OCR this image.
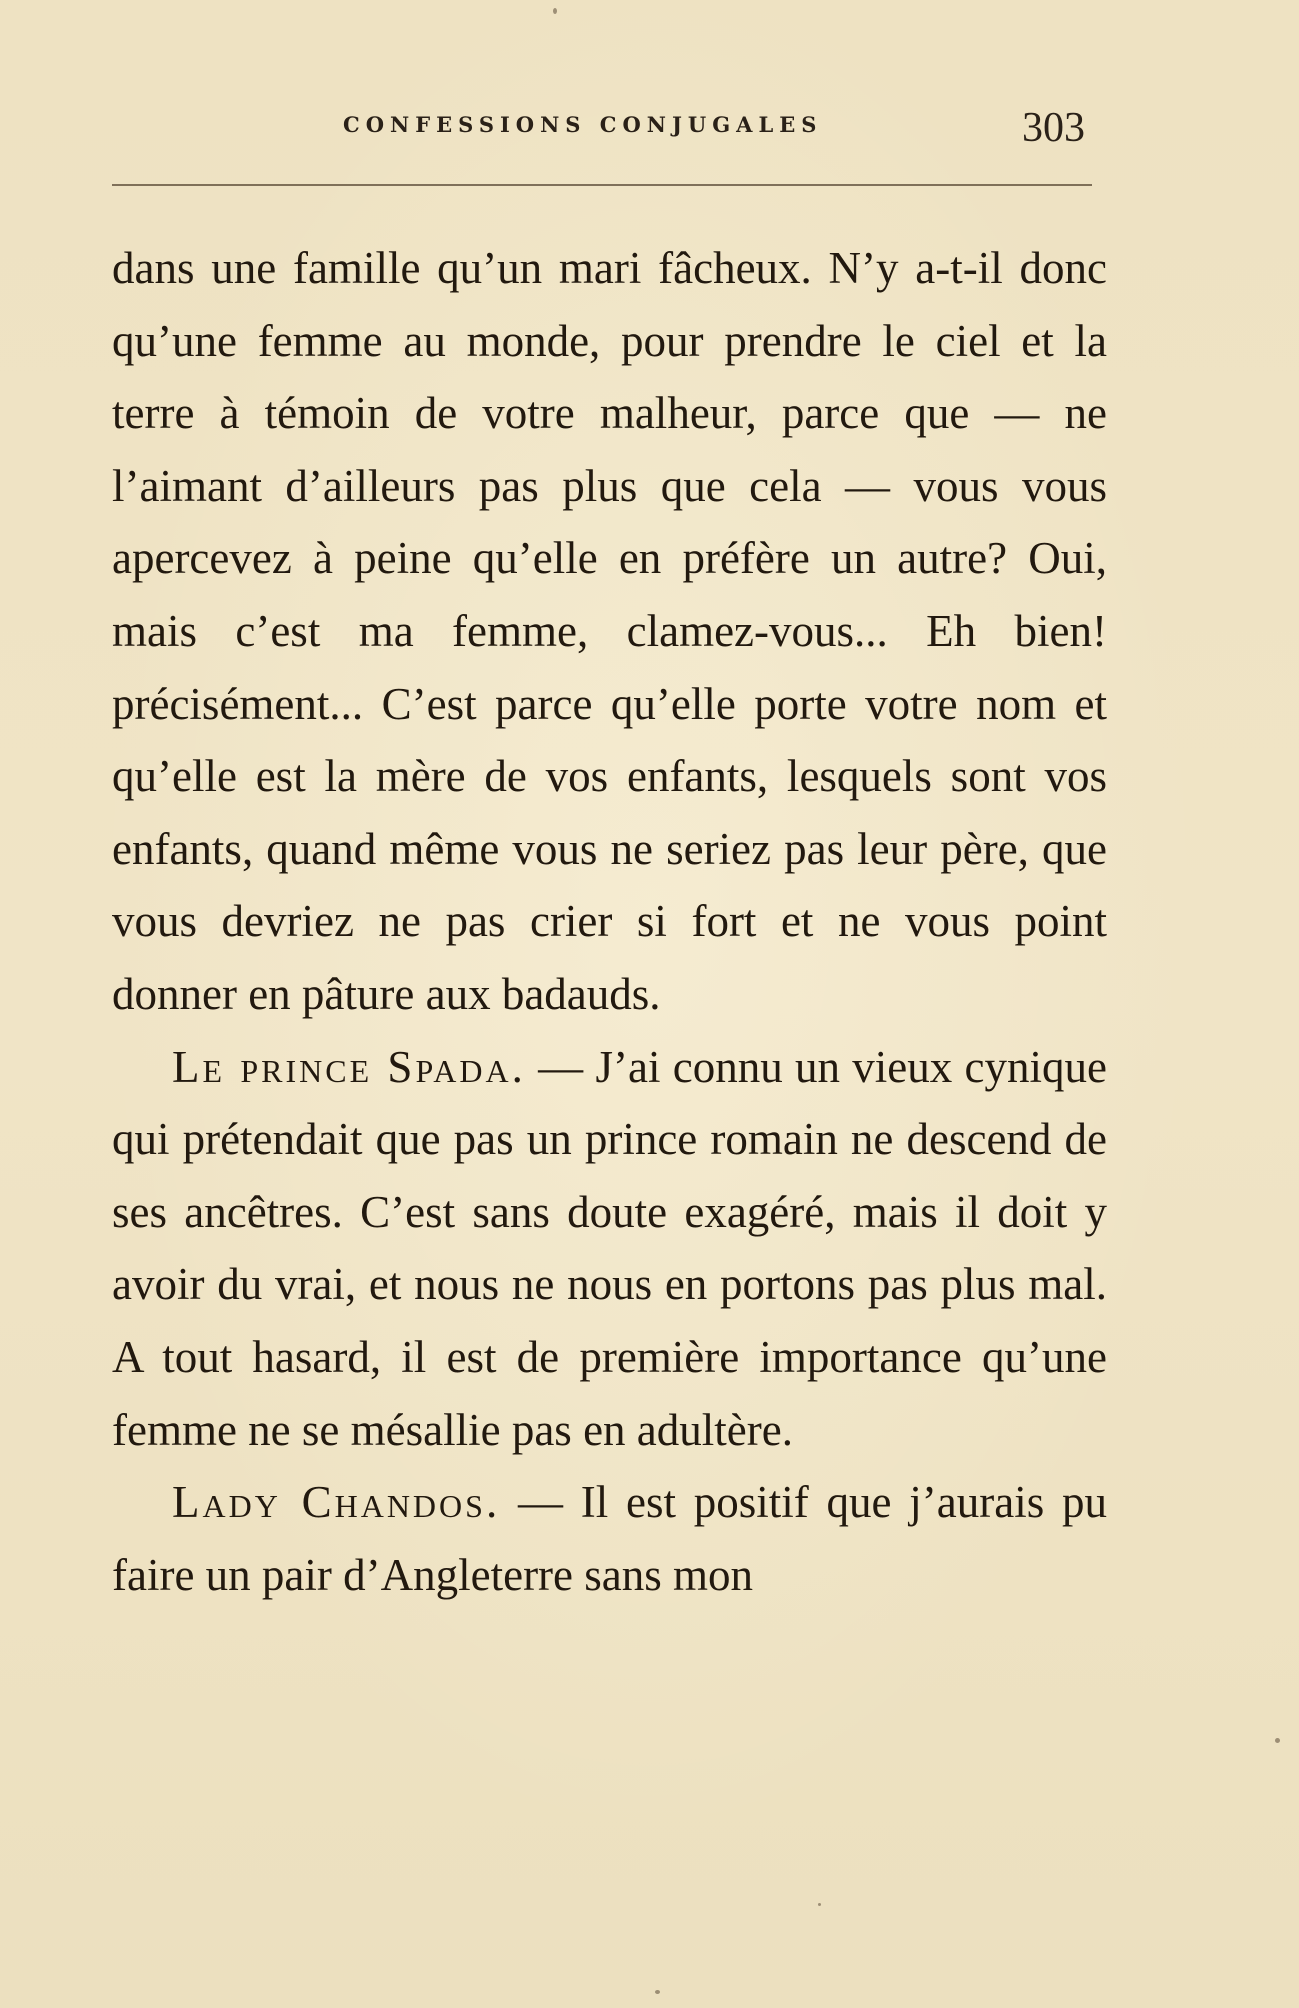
CONFESSIONS CONJUGALES	303

dans une famille qu’un mari fâcheux. N’y a-t-il donc qu’une femme au monde, pour prendre le ciel et la terre à témoin de votre malheur, parce que — ne l’aimant d’ailleurs pas plus que cela — vous vous apercevez à peine qu’elle en préfère un autre? Oui, mais c’est ma femme, clamez-vous... Eh bien! précisément... C’est parce qu’elle porte votre nom et qu’elle est la mère de vos enfants, lesquels sont vos enfants, quand même vous ne seriez pas leur père, que vous devriez ne pas crier si fort et ne vous point donner en pâture aux badauds.

Le prince Spada. — J’ai connu un vieux cynique qui prétendait que pas un prince romain ne descend de ses ancêtres. C’est sans doute exagéré, mais il doit y avoir du vrai, et nous ne nous en portons pas plus mal. A tout hasard, il est de première importance qu’une femme ne se mésallie pas en adultère.

Lady Chandos. — Il est positif que j’aurais pu faire un pair d’Angleterre sans mon
